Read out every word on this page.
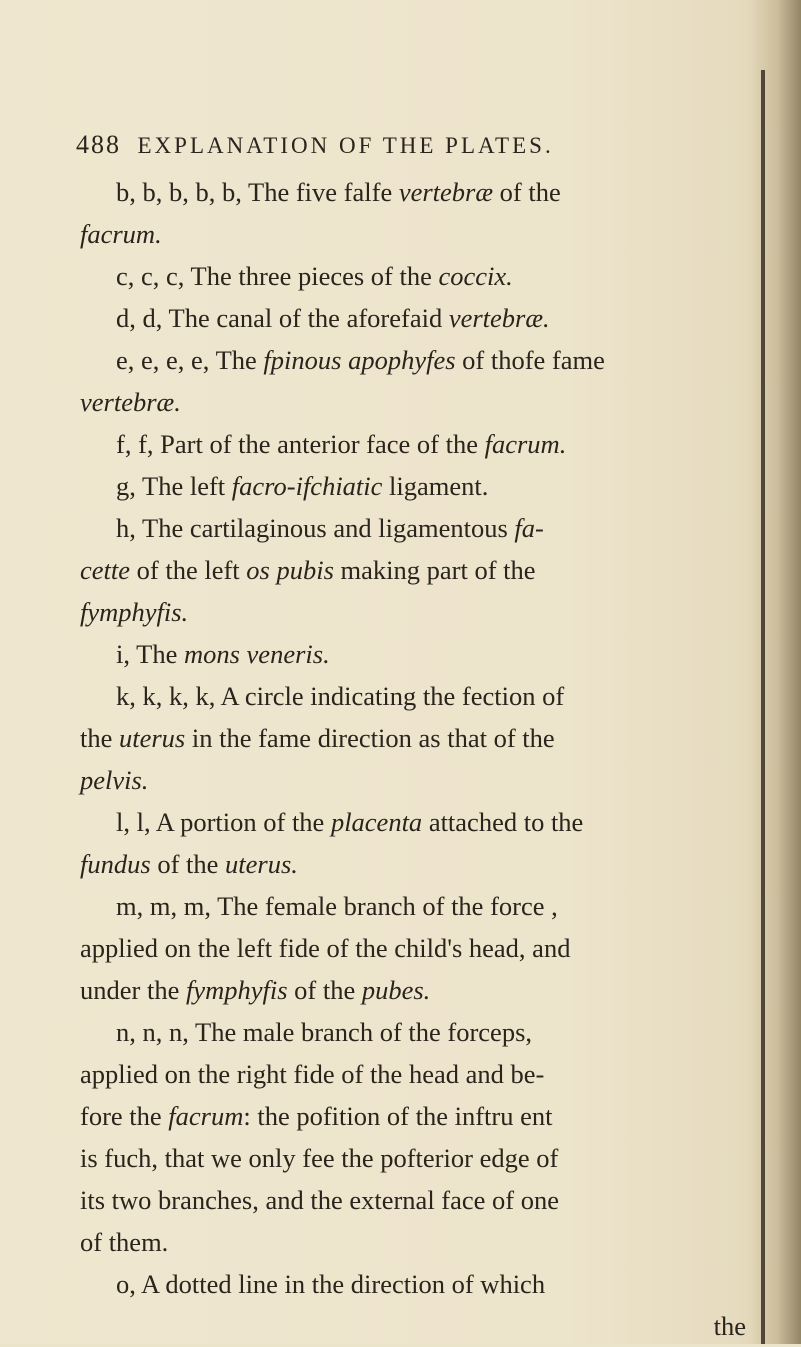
488 EXPLANATION OF THE PLATES.
b, b, b, b, b, The five falfe vertebræ of the
facrum.
c, c, c, The three pieces of the coccix.
d, d, The canal of the aforefaid vertebræ.
e, e, e, e, The fpinous apophyfes of thofe fame
vertebræ.
f, f, Part of the anterior face of the facrum.
g, The left facro-ifchiatic ligament.
h, The cartilaginous and ligamentous fa-
cette of the left os pubis making part of the
fymphyfis.
i, The mons veneris.
k, k, k, k, A circle indicating the fection of
the uterus in the fame direction as that of the
pelvis.
l, l, A portion of the placenta attached to the
fundus of the uterus.
m, m, m, The female branch of the force ,
applied on the left fide of the child's head, and
under the fymphyfis of the pubes.
n, n, n, The male branch of the forceps,
applied on the right fide of the head and be-
fore the facrum: the pofition of the inftru ent
is fuch, that we only fee the pofterior edge of
its two branches, and the external face of one
of them.
o, A dotted line in the direction of which
the
